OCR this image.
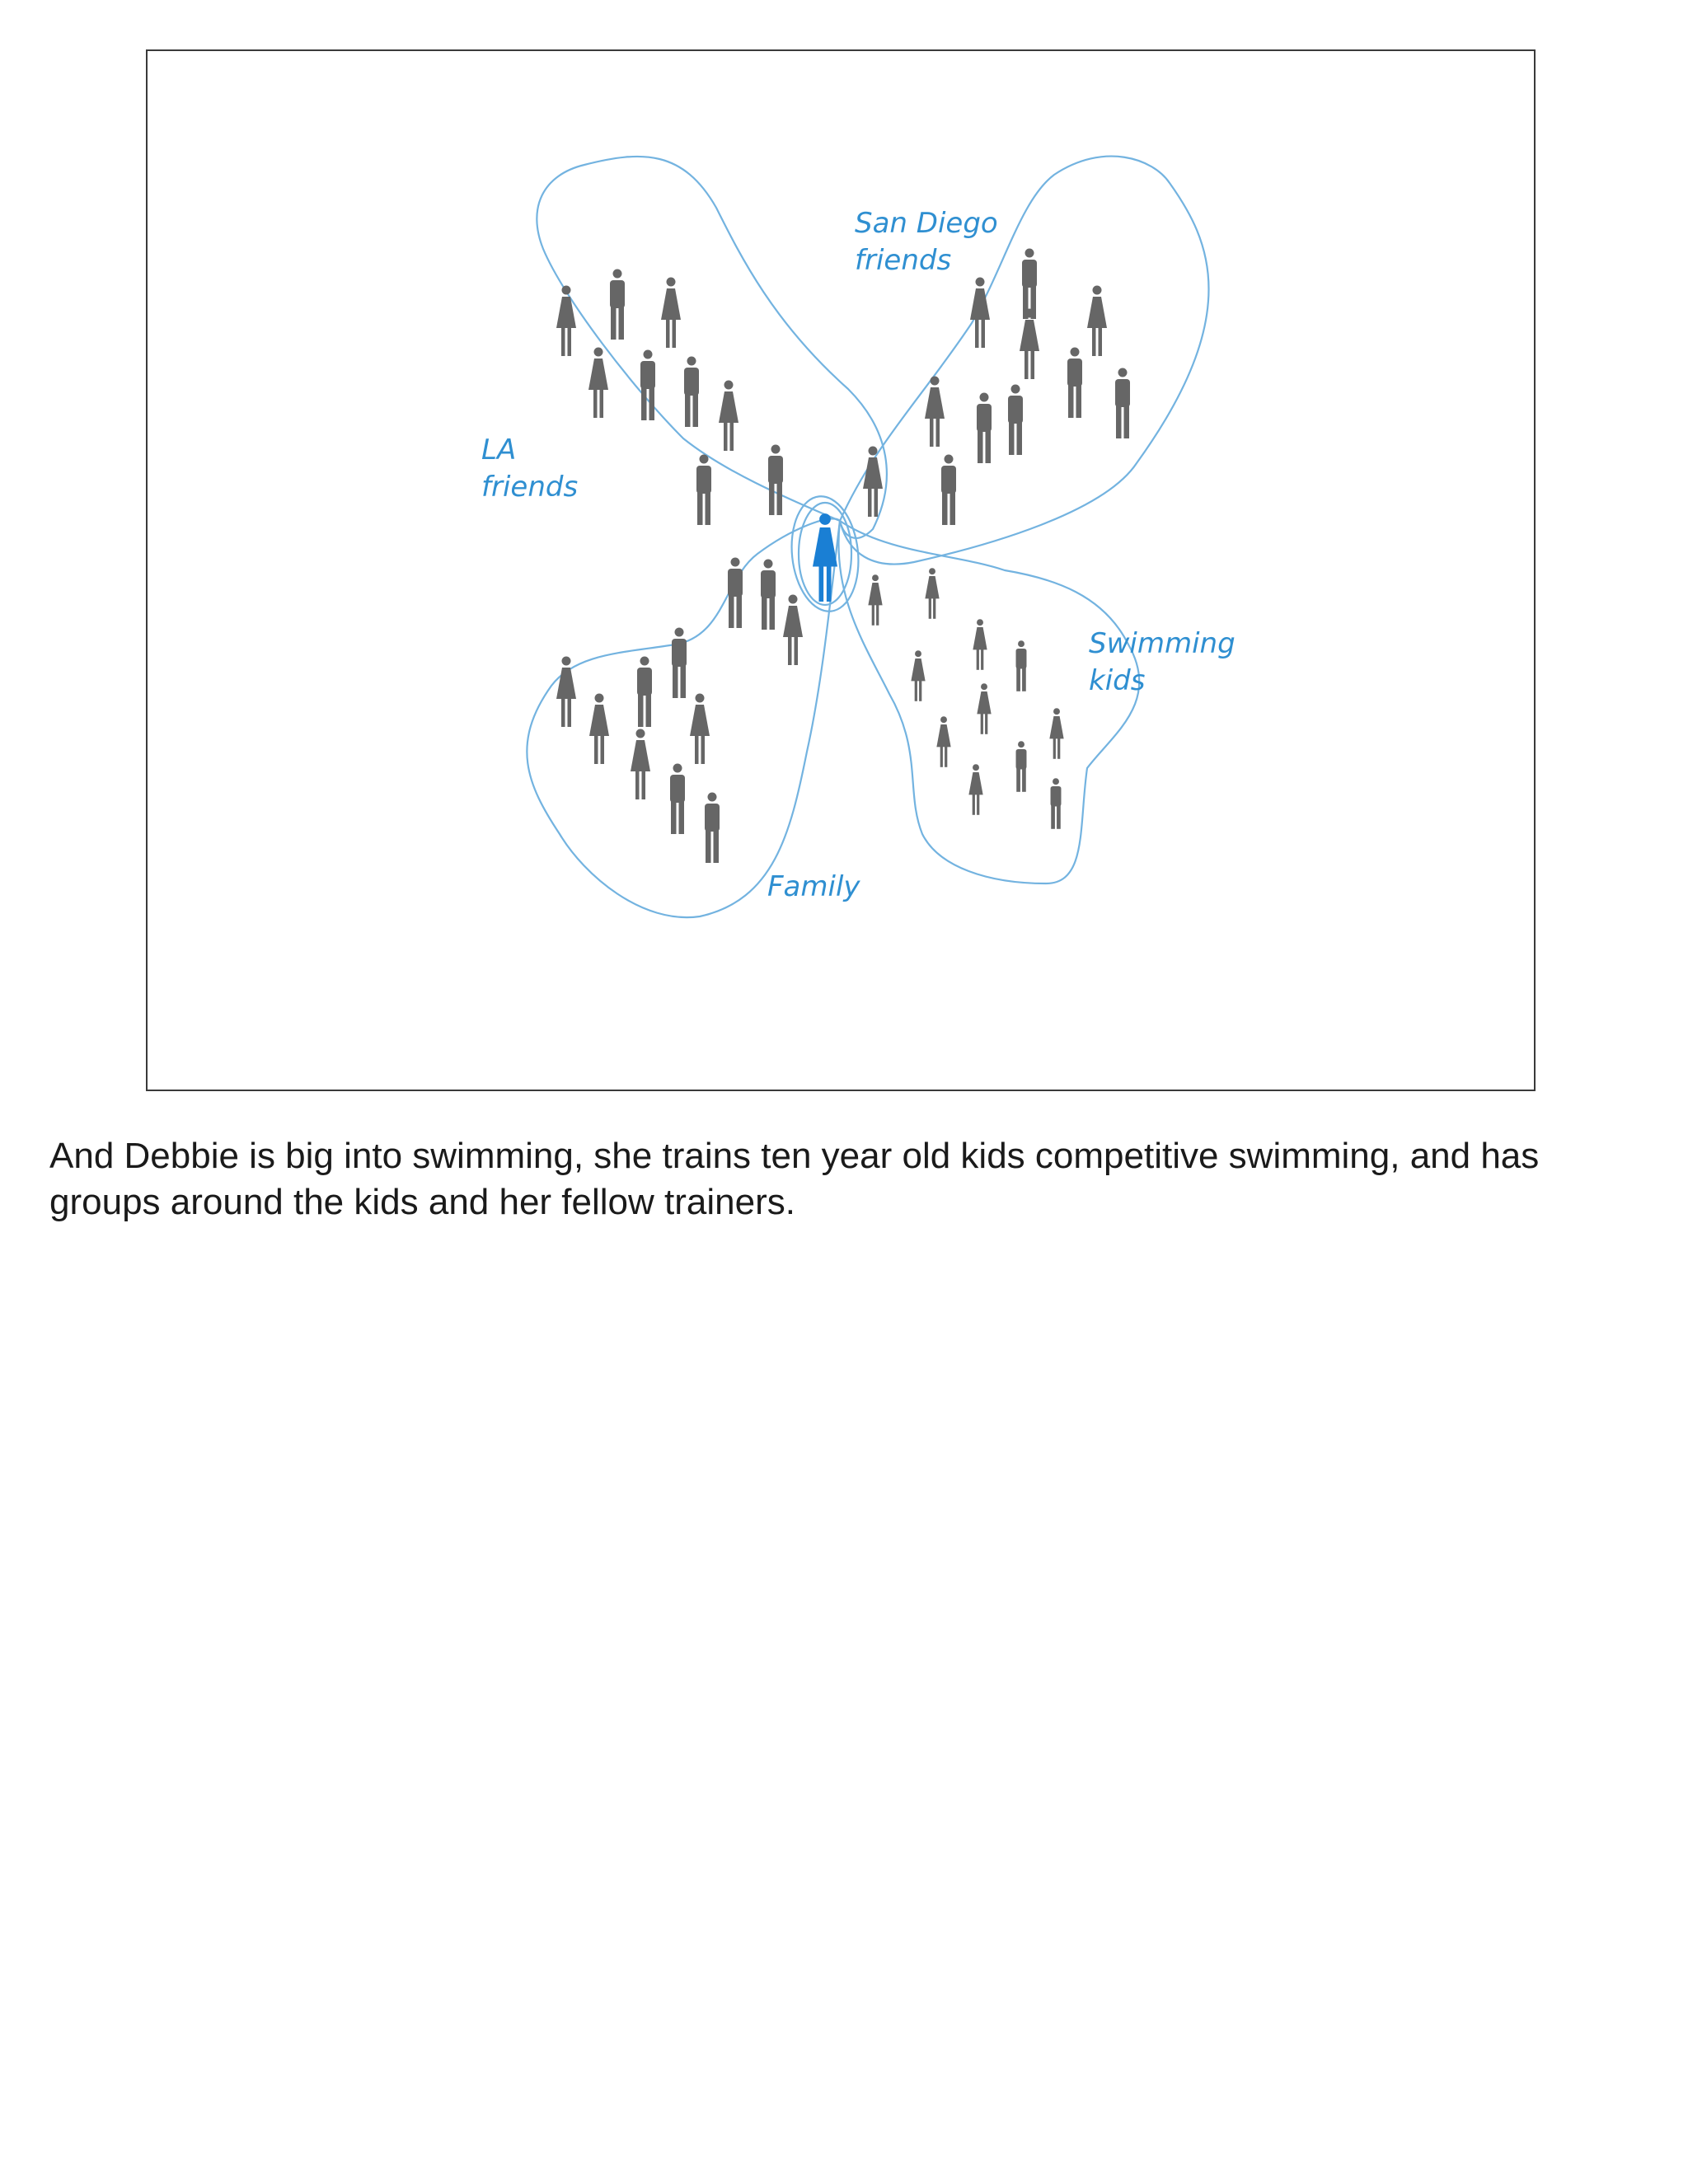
LA friends
San Diego friends
Swimming kids
Family
And Debbie is big into swimming, she trains ten year old kids competitive swimming, and has groups around the kids and her fellow trainers.
